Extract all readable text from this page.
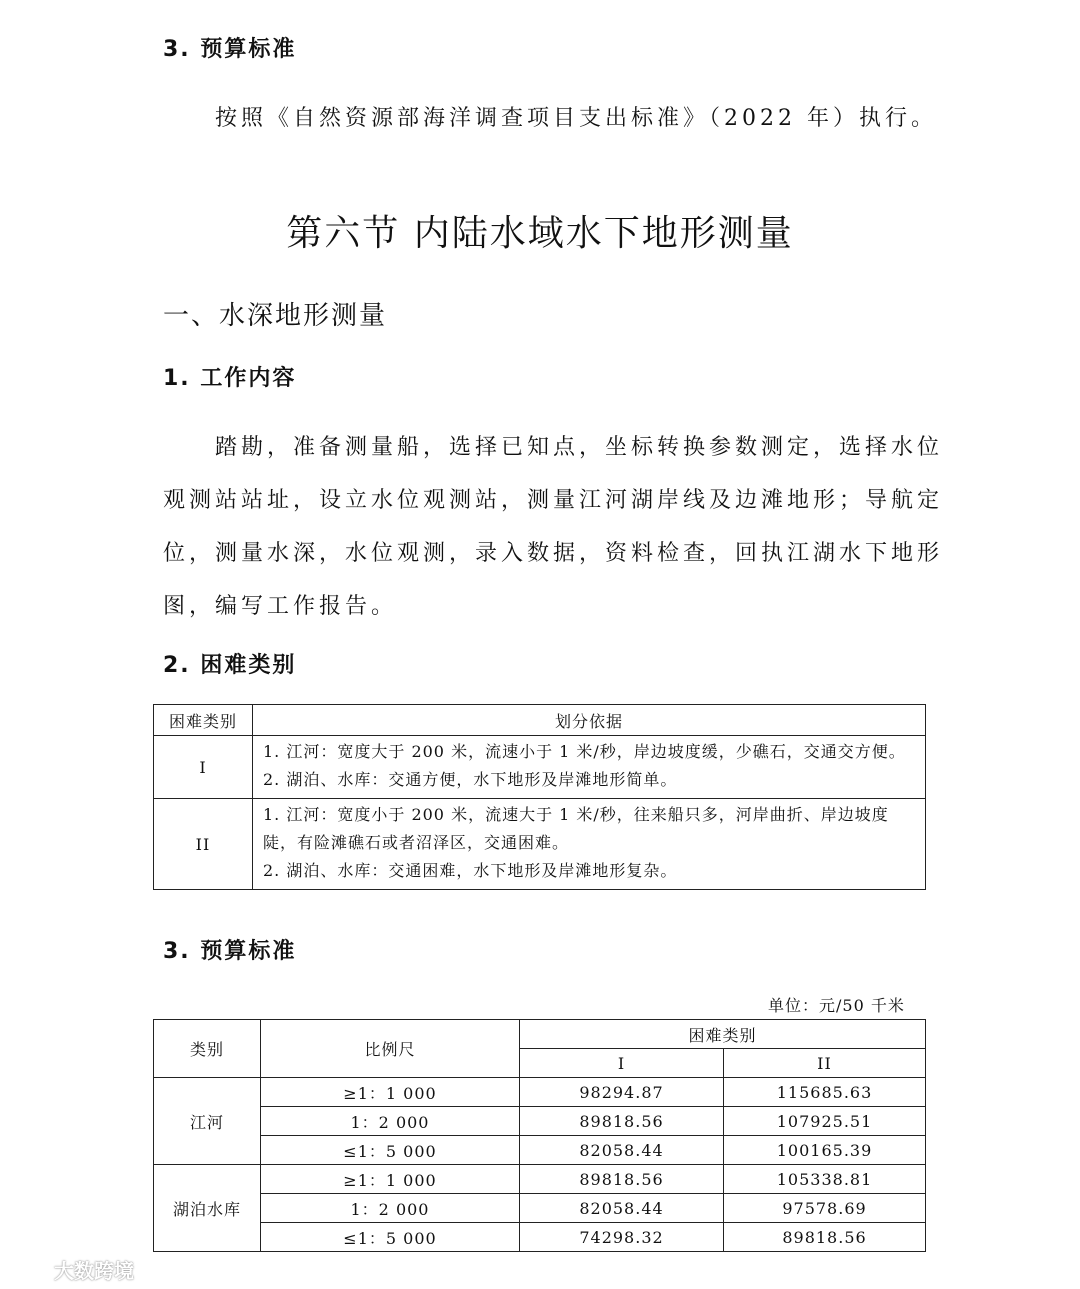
3. 预算标准
按照《自然资源部海洋调查项目支出标准》（2022 年）执行。
第六节 内陆水域水下地形测量
一、水深地形测量
1. 工作内容
踏勘，准备测量船，选择已知点，坐标转换参数测定，选择水位
观测站站址，设立水位观测站，测量江河湖岸线及边滩地形；导航定
位，测量水深，水位观测，录入数据，资料检查，回执江湖水下地形
图，编写工作报告。
2. 困难类别
困难类别	划分依据
I	1. 江河：宽度大于 200 米，流速小于 1 米/秒，岸边坡度缓，少礁石，交通交方便。
2. 湖泊、水库：交通方便，水下地形及岸滩地形简单。

II	1. 江河：宽度小于 200 米，流速大于 1 米/秒，往来船只多，河岸曲折、岸边坡度陡，有险滩礁石或者沼泽区，交通困难。
2. 湖泊、水库：交通困难，水下地形及岸滩地形复杂。
3. 预算标准
单位：元/50 千米
类别	比例尺	困难类别	
		I	II
江河	≥1：1 000	98294.87	115685.63
	1：2 000	89818.56	107925.51
	≤1：5 000	82058.44	100165.39
湖泊水库	≥1：1 000	89818.56	105338.81
	1：2 000	82058.44	97578.69
	≤1：5 000	74298.32	89818.56
大数跨境
